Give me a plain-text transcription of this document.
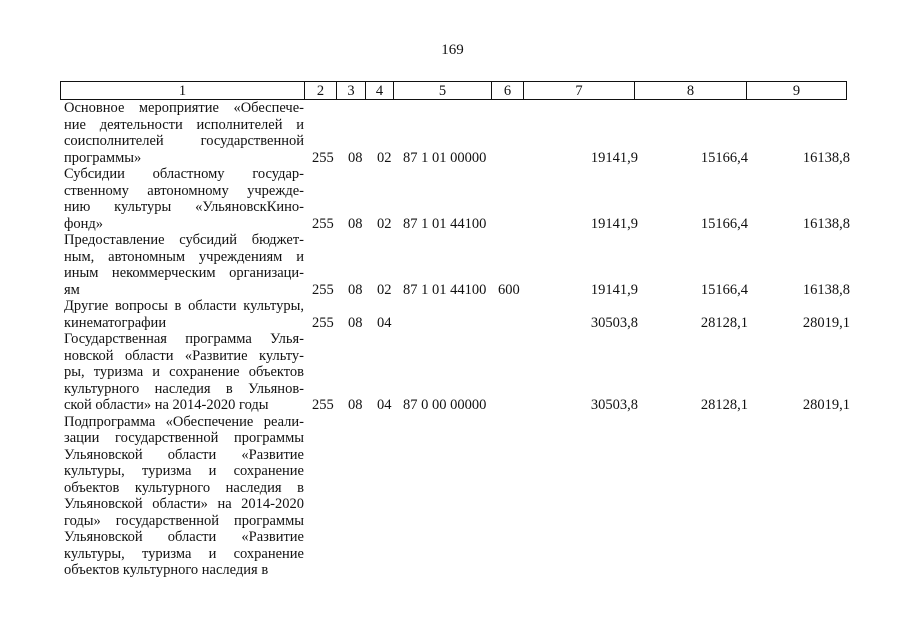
169
1	2	3	4	5	6	7	8	9
Основное мероприятие «Обеспече-
ние деятельности исполнителей и
соисполнителей государственной
программы»	255 08 02 87 1 01 00000	19141,9	15166,4	16138,8
Субсидии областному государ-
ственному автономному учрежде-
нию культуры «УльяновскКино-
фонд»	255 08 02 87 1 01 44100	19141,9	15166,4	16138,8
Предоставление субсидий бюджет-
ным, автономным учреждениям и
иным некоммерческим организаци-
ям	255 08 02 87 1 01 44100 600	19141,9	15166,4	16138,8
Другие вопросы в области культуры,
кинематографии	255 08 04	30503,8	28128,1	28019,1
Государственная программа Улья-
новской области «Развитие культу-
ры, туризма и сохранение объектов
культурного наследия в Ульянов-
ской области» на 2014-2020 годы	255 08 04 87 0 00 00000	30503,8	28128,1	28019,1
Подпрограмма «Обеспечение реали-
зации государственной программы
Ульяновской области «Развитие
культуры, туризма и сохранение
объектов культурного наследия в
Ульяновской области» на 2014-2020
годы» государственной программы
Ульяновской области «Развитие
культуры, туризма и сохранение
объектов культурного наследия в
